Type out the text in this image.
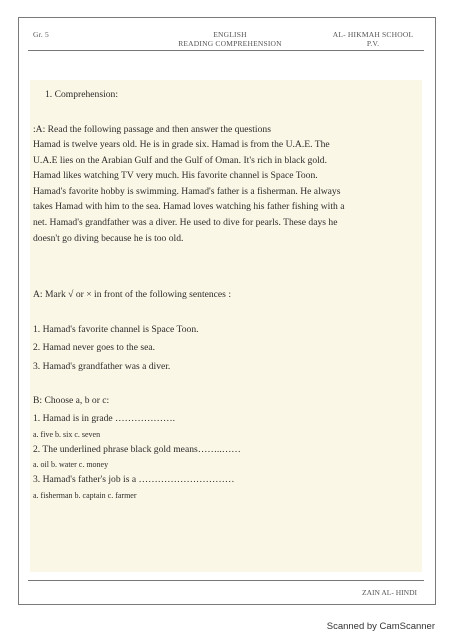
Gr. 5	ENGLISH
READING COMPREHENSION
AL- HIKMAH SCHOOL
P.V.
1. Comprehension:
:A: Read the following passage and then answer the questions
Hamad is twelve years old. He is in grade six. Hamad is from the U.A.E. The
U.A.E lies on the Arabian Gulf and the Gulf of Oman. It's rich in black gold.
Hamad likes watching TV very much. His favorite channel is Space Toon.
Hamad's favorite hobby is swimming. Hamad's father is a fisherman. He always
takes Hamad with him to the sea. Hamad loves watching his father fishing with a
net. Hamad's grandfather was a diver. He used to dive for pearls. These days he
doesn't go diving because he is too old.
A: Mark √ or × in front of the following sentences :
1. Hamad's favorite channel is Space Toon.
2. Hamad never goes to the sea.
3. Hamad's grandfather was a diver.
B: Choose a, b or c:
1. Hamad is in grade ……………….
a. five b. six c. seven
2. The underlined phrase black gold means……..……
a. oil b. water c. money
3. Hamad's father's job is a …………………………
a. fisherman b. captain c. farmer
ZAIN AL- HINDI
Scanned by CamScanner
